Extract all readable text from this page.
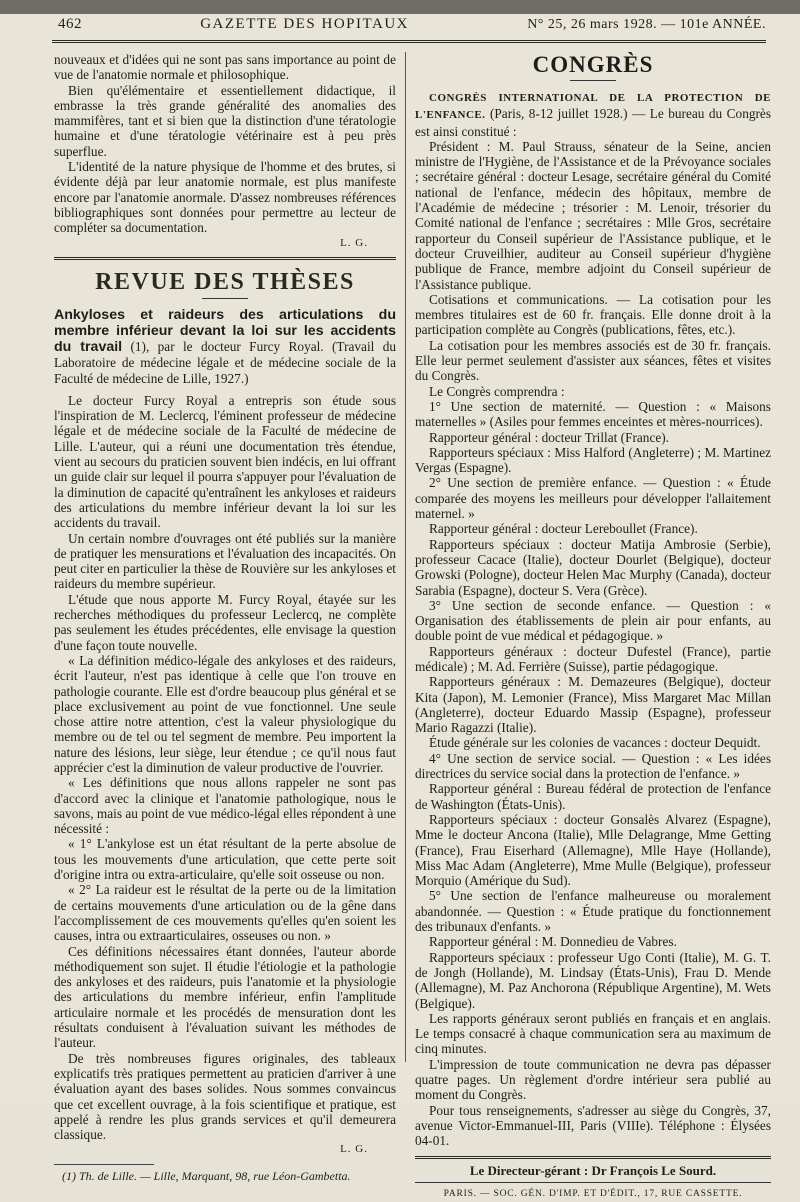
462	GAZETTE DES HOPITAUX	N° 25, 26 mars 1928. — 101e ANNÉE.

nouveaux et d'idées qui ne sont pas sans importance au point de vue de l'anatomie normale et philosophique.

Bien qu'élémentaire et essentiellement didactique, il embrasse la très grande généralité des anomalies des mammifères, tant et si bien que la distinction d'une tératologie humaine et d'une tératologie vétérinaire est à peu près superflue.

L'identité de la nature physique de l'homme et des brutes, si évidente déjà par leur anatomie normale, est plus manifeste encore par l'anatomie anormale. D'assez nombreuses références bibliographiques sont données pour permettre au lecteur de compléter sa documentation.

L. G.
REVUE DES THÈSES

Ankyloses et raideurs des articulations du membre inférieur devant la loi sur les accidents du travail (1), par le docteur Furcy Royal. (Travail du Laboratoire de médecine légale et de médecine sociale de la Faculté de médecine de Lille, 1927.)

Le docteur Furcy Royal a entrepris son étude sous l'inspiration de M. Leclercq, l'éminent professeur de médecine légale et de médecine sociale de la Faculté de médecine de Lille. L'auteur, qui a réuni une documentation très étendue, vient au secours du praticien souvent bien indécis, en lui offrant un guide clair sur lequel il pourra s'appuyer pour l'évaluation de la diminution de capacité qu'entraînent les ankyloses et raideurs des articulations du membre inférieur devant la loi sur les accidents du travail.

Un certain nombre d'ouvrages ont été publiés sur la manière de pratiquer les mensurations et l'évaluation des incapacités. On peut citer en particulier la thèse de Rouvière sur les ankyloses et raideurs du membre supérieur.

L'étude que nous apporte M. Furcy Royal, étayée sur les recherches méthodiques du professeur Leclercq, ne complète pas seulement les études précédentes, elle envisage la question d'une façon toute nouvelle.

« La définition médico-légale des ankyloses et des raideurs, écrit l'auteur, n'est pas identique à celle que l'on trouve en pathologie courante. Elle est d'ordre beaucoup plus général et se place exclusivement au point de vue fonctionnel. Une seule chose attire notre attention, c'est la valeur physiologique du membre ou de tel ou tel segment de membre. Peu importent la nature des lésions, leur siège, leur étendue ; ce qu'il nous faut apprécier c'est la diminution de valeur productive de l'ouvrier.

« Les définitions que nous allons rappeler ne sont pas d'accord avec la clinique et l'anatomie pathologique, nous le savons, mais au point de vue médico-légal elles répondent à une nécessité :

« 1° L'ankylose est un état résultant de la perte absolue de tous les mouvements d'une articulation, que cette perte soit d'origine intra ou extra-articulaire, qu'elle soit osseuse ou non.

« 2° La raideur est le résultat de la perte ou de la limitation de certains mouvements d'une articulation ou de la gêne dans l'accomplissement de ces mouvements qu'elles qu'en soient les causes, intra ou extraarticulaires, osseuses ou non. »

Ces définitions nécessaires étant données, l'auteur aborde méthodiquement son sujet. Il étudie l'étiologie et la pathologie des ankyloses et des raideurs, puis l'anatomie et la physiologie des articulations du membre inférieur, enfin l'amplitude articulaire normale et les procédés de mensuration dont les résultats conduisent à l'évaluation suivant les méthodes de l'auteur.

De très nombreuses figures originales, des tableaux explicatifs très pratiques permettent au praticien d'arriver à une évaluation ayant des bases solides. Nous sommes convaincus que cet excellent ouvrage, à la fois scientifique et pratique, est appelé à rendre les plus grands services et qu'il demeurera classique.

L. G.

(1) Th. de Lille. — Lille, Marquant, 98, rue Léon-Gambetta.

CONGRÈS

CONGRÈS INTERNATIONAL DE LA PROTECTION DE L'ENFANCE. (Paris, 8-12 juillet 1928.) — Le bureau du Congrès est ainsi constitué :

Président : M. Paul Strauss, sénateur de la Seine, ancien ministre de l'Hygiène, de l'Assistance et de la Prévoyance sociales ; secrétaire général : docteur Lesage, secrétaire général du Comité national de l'enfance, médecin des hôpitaux, membre de l'Académie de médecine ; trésorier : M. Lenoir, trésorier du Comité national de l'enfance ; secrétaires : Mlle Gros, secrétaire rapporteur du Conseil supérieur de l'Assistance publique, et le docteur Cruveilhier, auditeur au Conseil supérieur d'hygiène publique de France, membre adjoint du Conseil supérieur de l'Assistance publique.

Cotisations et communications. — La cotisation pour les membres titulaires est de 60 fr. français. Elle donne droit à la participation complète au Congrès (publications, fêtes, etc.).

La cotisation pour les membres associés est de 30 fr. français. Elle leur permet seulement d'assister aux séances, fêtes et visites du Congrès.

Le Congrès comprendra :

1° Une section de maternité. — Question : « Maisons maternelles » (Asiles pour femmes enceintes et mères-nourrices).

Rapporteur général : docteur Trillat (France).

Rapporteurs spéciaux : Miss Halford (Angleterre) ; M. Martinez Vergas (Espagne).

2° Une section de première enfance. — Question : « Étude comparée des moyens les meilleurs pour développer l'allaitement maternel. »

Rapporteur général : docteur Lereboullet (France).

Rapporteurs spéciaux : docteur Matija Ambrosie (Serbie), professeur Cacace (Italie), docteur Dourlet (Belgique), docteur Growski (Pologne), docteur Helen Mac Murphy (Canada), docteur Sarabia (Espagne), docteur S. Vera (Grèce).

3° Une section de seconde enfance. — Question : « Organisation des établissements de plein air pour enfants, au double point de vue médical et pédagogique. »

Rapporteurs généraux : docteur Dufestel (France), partie médicale) ; M. Ad. Ferrière (Suisse), partie pédagogique.

Rapporteurs généraux : M. Demazeures (Belgique), docteur Kita (Japon), M. Lemonier (France), Miss Margaret Mac Millan (Angleterre), docteur Eduardo Massip (Espagne), professeur Mario Ragazzi (Italie).

Étude générale sur les colonies de vacances : docteur Dequidt.

4° Une section de service social. — Question : « Les idées directrices du service social dans la protection de l'enfance. »

Rapporteur général : Bureau fédéral de protection de l'enfance de Washington (États-Unis).

Rapporteurs spéciaux : docteur Gonsalès Alvarez (Espagne), Mme le docteur Ancona (Italie), Mlle Delagrange, Mme Getting (France), Frau Eiserhard (Allemagne), Mlle Haye (Hollande), Miss Mac Adam (Angleterre), Mme Mulle (Belgique), professeur Morquio (Amérique du Sud).

5° Une section de l'enfance malheureuse ou moralement abandonnée. — Question : « Étude pratique du fonctionnement des tribunaux d'enfants. »

Rapporteur général : M. Donnedieu de Vabres.

Rapporteurs spéciaux : professeur Ugo Conti (Italie), M. G. T. de Jongh (Hollande), M. Lindsay (États-Unis), Frau D. Mende (Allemagne), M. Paz Anchorona (République Argentine), M. Wets (Belgique).

Les rapports généraux seront publiés en français et en anglais. Le temps consacré à chaque communication sera au maximum de cinq minutes.

L'impression de toute communication ne devra pas dépasser quatre pages. Un règlement d'ordre intérieur sera publié au moment du Congrès.

Pour tous renseignements, s'adresser au siège du Congrès, 37, avenue Victor-Emmanuel-III, Paris (VIIIe). Téléphone : Élysées 04-01.

Le Directeur-gérant : Dr François Le Sourd.
PARIS. — SOC. GÉN. D'IMP. ET D'ÉDIT., 17, RUE CASSETTE.
